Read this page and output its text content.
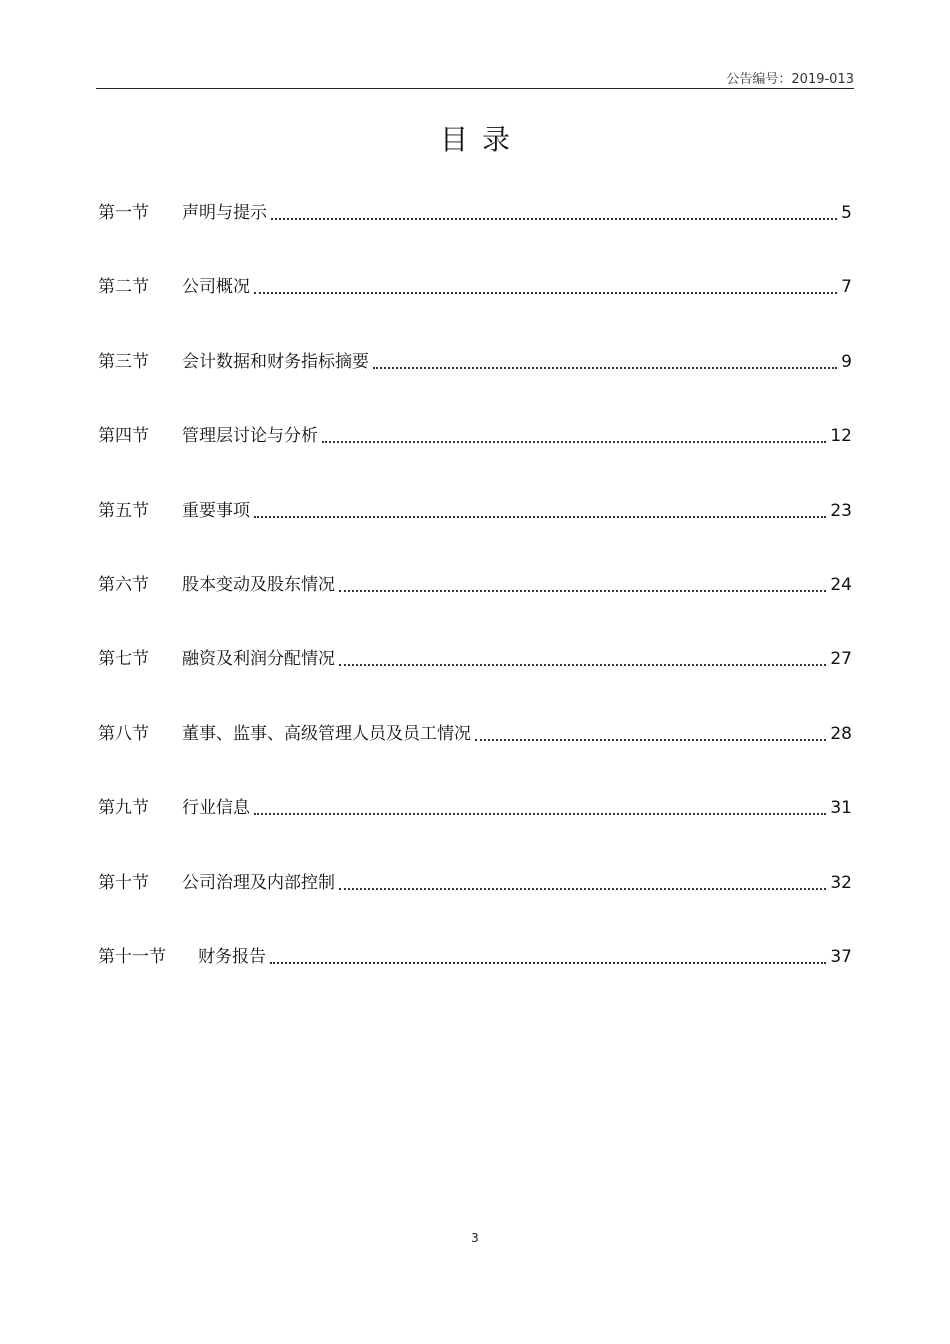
公告编号：2019-013
目录
第一节	声明与提示	5
第二节	公司概况	7
第三节	会计数据和财务指标摘要	9
第四节	管理层讨论与分析	12
第五节	重要事项	23
第六节	股本变动及股东情况	24
第七节	融资及利润分配情况	27
第八节	董事、监事、高级管理人员及员工情况	28
第九节	行业信息	31
第十节	公司治理及内部控制	32
第十一节	财务报告	37
3
